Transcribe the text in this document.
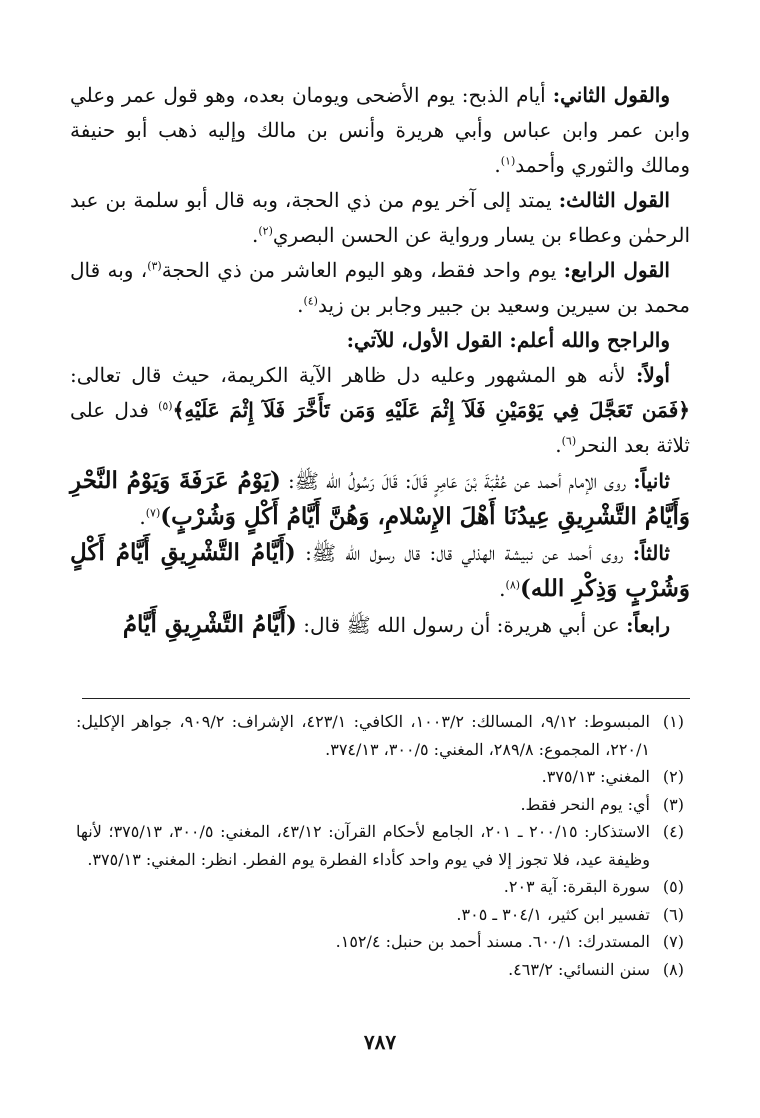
والقول الثاني: أيام الذبح: يوم الأضحى ويومان بعده، وهو قول عمر وعلي وابن عمر وابن عباس وأبي هريرة وأنس بن مالك وإليه ذهب أبو حنيفة ومالك والثوري وأحمد$^{(١)}$.

القول الثالث: يمتد إلى آخر يوم من ذي الحجة، وبه قال أبو سلمة بن عبد الرحمٰن وعطاء بن يسار ورواية عن الحسن البصري$^{(٢)}$.

القول الرابع: يوم واحد فقط، وهو اليوم العاشر من ذي الحجة$^{(٣)}$، وبه قال محمد بن سيرين وسعيد بن جبير وجابر بن زيد$^{(٤)}$.

والراجح والله أعلم: القول الأول، للآتي:

أولاً: لأنه هو المشهور وعليه دل ظاهر الآية الكريمة، حيث قال تعالى: ﴿فَمَن تَعَجَّلَ فِي يَوْمَيْنِ فَلَآ إِثْمَ عَلَيْهِ وَمَن تَأَخَّرَ فَلَآ إِثْمَ عَلَيْهِ﴾$^{(٥)}$ فدل على ثلاثة بعد النحر$^{(٦)}$.

ثانياً: روى الإمام أحمد عن عُقْبَةَ بْنَ عَامِرٍ قَالَ: قَالَ رَسُولُ الله ﷺ: (يَوْمُ عَرَفَةَ وَيَوْمُ النَّحْرِ وَأَيَّامُ التَّشْرِيقِ عِيدُنَا أَهْلَ الإِسْلامِ، وَهُنَّ أَيَّامُ أَكْلٍ وَشُرْبٍ)$^{(٧)}$.

ثالثاً: روى أحمد عن نبيشة الهذلي قال: قال رسول الله ﷺ: (أَيَّامُ التَّشْرِيقِ أَيَّامُ أَكْلٍ وَشُرْبٍ وَذِكْرِ الله)$^{(٨)}$.

رابعاً: عن أبي هريرة: أن رسول الله ﷺ قال: (أَيَّامُ التَّشْرِيقِ أَيَّامُ

(١)
المبسوط: ٩/١٢، المسالك: ١٠٠٣/٢، الكافي: ٤٢٣/١، الإشراف: ٩٠٩/٢، جواهر الإكليل: ٢٢٠/١، المجموع: ٢٨٩/٨، المغني: ٣٠٠/٥، ٣٧٤/١٣.
(٢)
المغني: ٣٧٥/١٣.
(٣)
أي: يوم النحر فقط.
(٤)
الاستذكار: ٢٠٠/١٥ ـ ٢٠١، الجامع لأحكام القرآن: ٤٣/١٢، المغني: ٣٠٠/٥، ٣٧٥/١٣؛ لأنها وظيفة عيد، فلا تجوز إلا في يوم واحد كأداء الفطرة يوم الفطر. انظر: المغني: ٣٧٥/١٣.
(٥)
سورة البقرة: آية ٢٠٣.
(٦)
تفسير ابن كثير، ٣٠٤/١ ـ ٣٠٥.
(٧)
المستدرك: ٦٠٠/١. مسند أحمد بن حنبل: ١٥٢/٤.
(٨)
سنن النسائي: ٤٦٣/٢.
٧٨٧
